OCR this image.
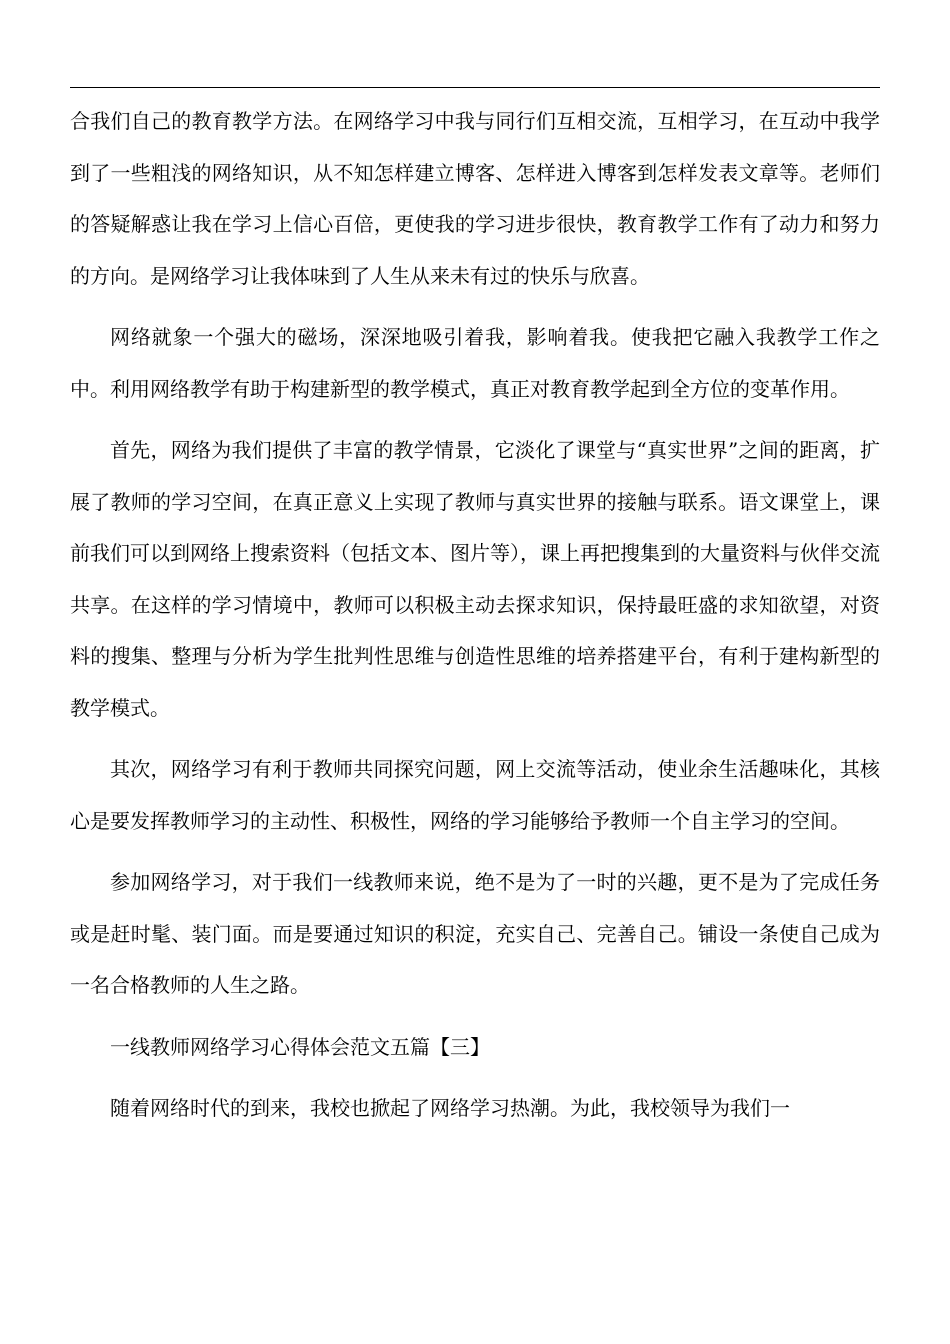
合我们自己的教育教学方法。在网络学习中我与同行们互相交流，互相学习，在互动中我学到了一些粗浅的网络知识，从不知怎样建立博客、怎样进入博客到怎样发表文章等。老师们的答疑解惑让我在学习上信心百倍，更使我的学习进步很快，教育教学工作有了动力和努力的方向。是网络学习让我体味到了人生从来未有过的快乐与欣喜。

网络就象一个强大的磁场，深深地吸引着我，影响着我。使我把它融入我教学工作之中。利用网络教学有助于构建新型的教学模式，真正对教育教学起到全方位的变革作用。

首先，网络为我们提供了丰富的教学情景，它淡化了课堂与“真实世界”之间的距离，扩展了教师的学习空间，在真正意义上实现了教师与真实世界的接触与联系。语文课堂上，课前我们可以到网络上搜索资料（包括文本、图片等），课上再把搜集到的大量资料与伙伴交流共享。在这样的学习情境中，教师可以积极主动去探求知识，保持最旺盛的求知欲望，对资料的搜集、整理与分析为学生批判性思维与创造性思维的培养搭建平台，有利于建构新型的教学模式。

其次，网络学习有利于教师共同探究问题，网上交流等活动，使业余生活趣味化，其核心是要发挥教师学习的主动性、积极性，网络的学习能够给予教师一个自主学习的空间。

参加网络学习，对于我们一线教师来说，绝不是为了一时的兴趣，更不是为了完成任务或是赶时髦、装门面。而是要通过知识的积淀，充实自己、完善自己。铺设一条使自己成为一名合格教师的人生之路。

一线教师网络学习心得体会范文五篇【三】

随着网络时代的到来，我校也掀起了网络学习热潮。为此，我校领导为我们一
